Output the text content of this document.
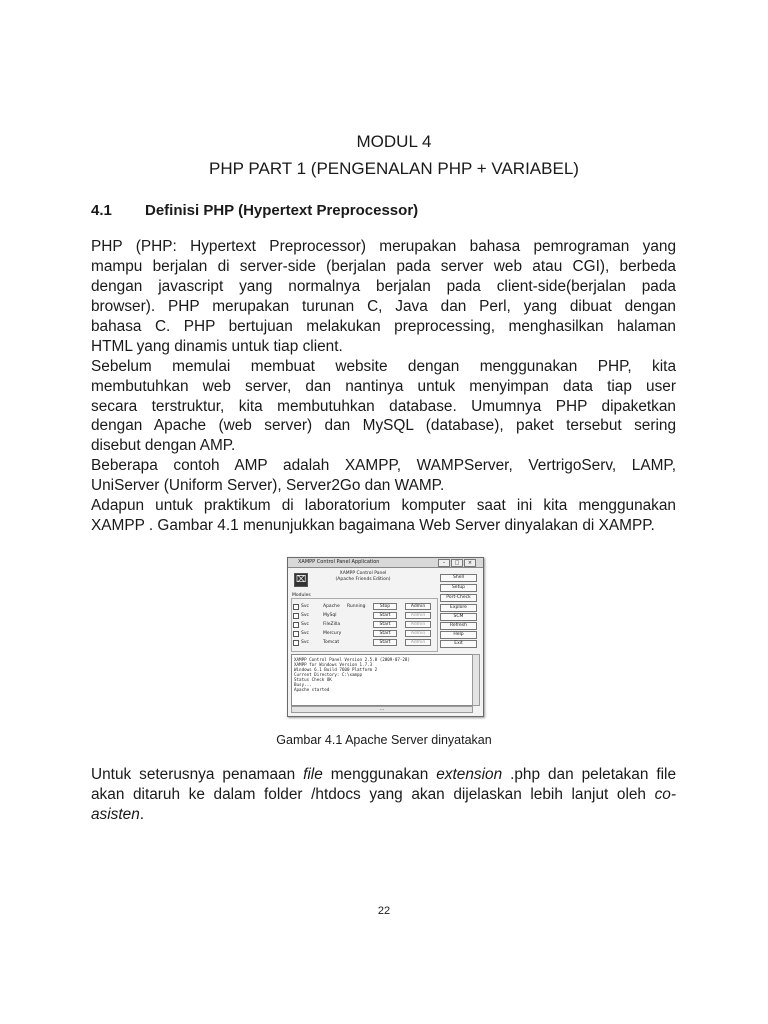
MODUL 4
PHP PART 1 (PENGENALAN PHP + VARIABEL)
4.1 Definisi PHP (Hypertext Preprocessor)
PHP (PHP: Hypertext Preprocessor) merupakan bahasa pemrograman yang
mampu berjalan di server-side (berjalan pada server web atau CGI), berbeda
dengan javascript yang normalnya berjalan pada client-side(berjalan pada
browser). PHP merupakan turunan C, Java dan Perl, yang dibuat dengan
bahasa C. PHP bertujuan melakukan preprocessing, menghasilkan halaman
HTML yang dinamis untuk tiap client.
Sebelum memulai membuat website dengan menggunakan PHP, kita
membutuhkan web server, dan nantinya untuk menyimpan data tiap user
secara terstruktur, kita membutuhkan database. Umumnya PHP dipaketkan
dengan Apache (web server) dan MySQL (database), paket tersebut sering
disebut dengan AMP.
Beberapa contoh AMP adalah XAMPP, WAMPServer, VertrigoServ, LAMP,
UniServer (Uniform Server), Server2Go dan WAMP.
Adapun untuk praktikum di laboratorium komputer saat ini kita menggunakan
XAMPP . Gambar 4.1 menunjukkan bagaimana Web Server dinyalakan di XAMPP.
XAMPP Control Panel Application	–	□	×
⌧
XAMPP Control Panel
(Apache Friends Edition)	Shell
Setup
Port-Check
Explore
SCM
Refresh
Help
Exit
Modules
Svc	Apache Running	Stop	Admin
Svc	MySql	Start	Admin
Svc	FileZilla	Start	Admin
Svc	Mercury	Start	Admin
Svc	Tomcat	Start	Admin
XAMPP Control Panel Version 2.5.8 (2009-07-28)
XAMPP for Windows Version 1.7.3
Windows 6.1 Build 7600 Platform 2
Current Directory: C:\xampp
Status Check OK
Busy...
Apache started
···
Gambar 4.1 Apache Server dinyatakan
Untuk seterusnya penamaan file menggunakan extension .php dan peletakan file
akan ditaruh ke dalam folder /htdocs yang akan dijelaskan lebih lanjut oleh co-
asisten.
22
